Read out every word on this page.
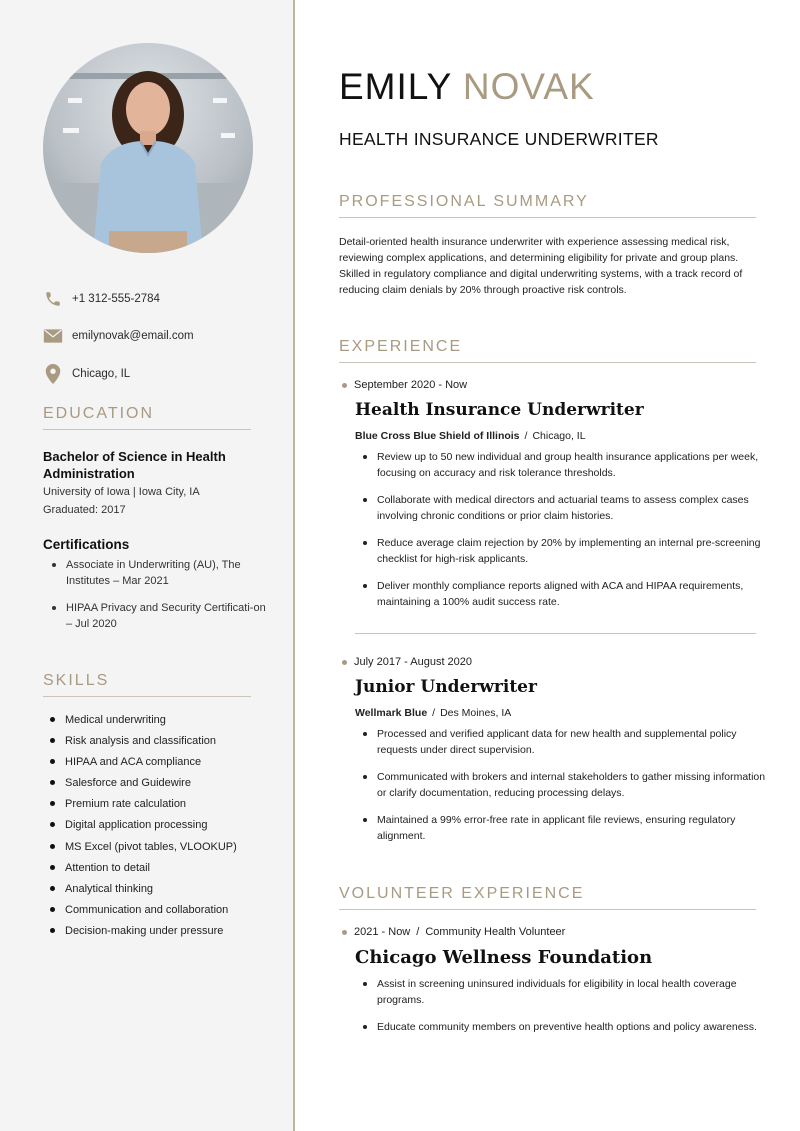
+1 312-555-2784
emilynovak@email.com
Chicago, IL
EDUCATION
Bachelor of Science in Health Administration
University of Iowa | Iowa City, IA
Graduated: 2017
Certifications
Associate in Underwriting (AU), The Institutes – Mar 2021
HIPAA Privacy and Security Certificati-on – Jul 2020
SKILLS
Medical underwriting
Risk analysis and classification
HIPAA and ACA compliance
Salesforce and Guidewire
Premium rate calculation
Digital application processing
MS Excel (pivot tables, VLOOKUP)
Attention to detail
Analytical thinking
Communication and collaboration
Decision-making under pressure
EMILY NOVAK
HEALTH INSURANCE UNDERWRITER
PROFESSIONAL SUMMARY
Detail-oriented health insurance underwriter with experience assessing medical risk, reviewing complex applications, and determining eligibility for private and group plans. Skilled in regulatory compliance and digital underwriting systems, with a track record of reducing claim denials by 20% through proactive risk controls.
EXPERIENCE
September 2020 - Now
Health Insurance Underwriter
Blue Cross Blue Shield of Illinois / Chicago, IL
Review up to 50 new individual and group health insurance applications per week, focusing on accuracy and risk tolerance thresholds.
Collaborate with medical directors and actuarial teams to assess complex cases involving chronic conditions or prior claim histories.
Reduce average claim rejection by 20% by implementing an internal pre-screening checklist for high-risk applicants.
Deliver monthly compliance reports aligned with ACA and HIPAA requirements, maintaining a 100% audit success rate.
July 2017 - August 2020
Junior Underwriter
Wellmark Blue / Des Moines, IA
Processed and verified applicant data for new health and supplemental policy requests under direct supervision.
Communicated with brokers and internal stakeholders to gather missing information or clarify documentation, reducing processing delays.
Maintained a 99% error-free rate in applicant file reviews, ensuring regulatory alignment.
VOLUNTEER EXPERIENCE
2021 - Now / Community Health Volunteer
Chicago Wellness Foundation
Assist in screening uninsured individuals for eligibility in local health coverage programs.
Educate community members on preventive health options and policy awareness.
